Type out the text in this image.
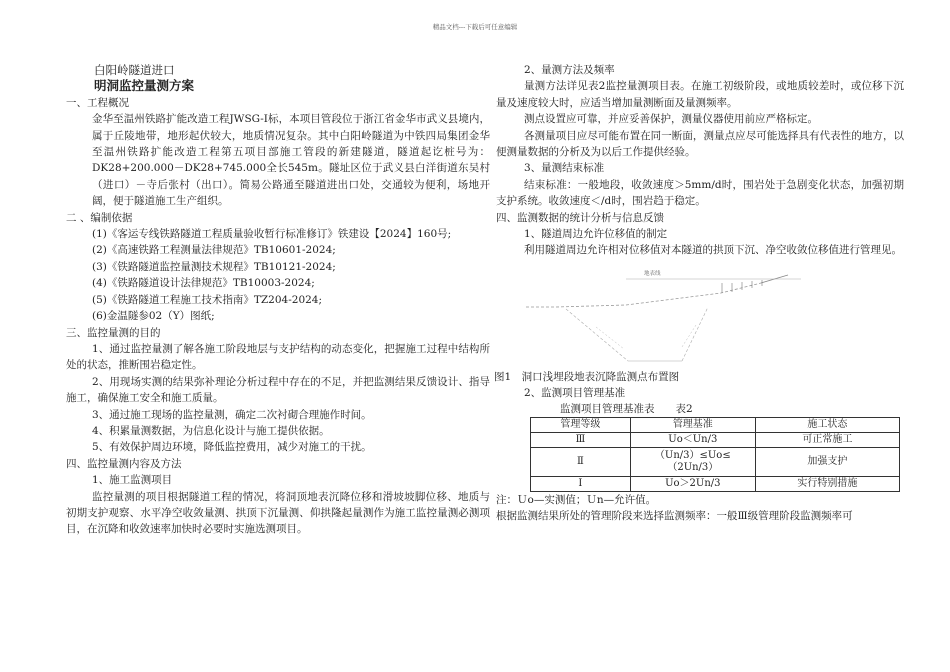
精品文档---下载后可任意编辑
白阳岭隧道进口
明洞监控量测方案
一、工程概况
金华至温州铁路扩能改造工程JWSG-I标，本项目管段位于浙江省金华市武义县境内，属于丘陵地带，地形起伏较大，地质情况复杂。其中白阳岭隧道为中铁四局集团金华至温州铁路扩能改造工程第五项目部施工管段的新建隧道，隧道起讫桩号为：DK28+200.000－DK28+745.000全长545m。隧址区位于武义县白洋街道东吴村（进口）－寺后张村（出口）。简易公路通至隧道进出口处，交通较为便利，场地开阔，便于隧道施工生产组织。
二 、编制依据
(1)《客运专线铁路隧道工程质量验收暂行标准修订》铁建设【2024】160号;
(2)《高速铁路工程测量法律规范》TB10601-2024;
(3)《铁路隧道监控量测技术规程》TB10121-2024;
(4)《铁路隧道设计法律规范》TB10003-2024;
(5)《铁路隧道工程施工技术指南》TZ204-2024;
(6)金温隧参02（Y）图纸;
三、监控量测的目的
1、通过监控量测了解各施工阶段地层与支护结构的动态变化，把握施工过程中结构所处的状态，推断围岩稳定性。
2、用现场实测的结果弥补理论分析过程中存在的不足，并把监测结果反馈设计、指导施工，确保施工安全和施工质量。
3、通过施工现场的监控量测，确定二次衬砌合理施作时间。
4、积累量测数据，为信息化设计与施工提供依据。
5、有效保护周边环境，降低监控费用，减少对施工的干扰。
四、监控量测内容及方法
1、施工监测项目
监控量测的项目根据隧道工程的情况，将洞顶地表沉降位移和滑坡坡脚位移、地质与初期支护观察、水平净空收敛量测、拱顶下沉量测、仰拱隆起量测作为施工监控量测必测项目，在沉降和收敛速率加快时必要时实施选测项目。
2、量测方法及频率
量测方法详见表2监控量测项目表。在施工初级阶段，或地质较差时，或位移下沉量及速度较大时，应适当增加量测断面及量测频率。
测点设置应可靠，并应妥善保护，测量仪器使用前应严格标定。
各测量项目应尽可能布置在同一断面，测量点应尽可能选择具有代表性的地方，以便测量数据的分析及为以后工作提供经验。
3、量测结束标准
结束标准：一般地段，收敛速度＞5mm/d时，围岩处于急剧变化状态，加强初期支护系统。收敛速度＜/d时，围岩趋于稳定。
四、监测数据的统计分析与信息反馈
1、隧道周边允许位移值的制定
利用隧道周边允许相对位移值对本隧道的拱顶下沉、净空收敛位移值进行管理见。
地表线
图1　洞口浅埋段地表沉降监测点布置图
2、监测项目管理基准
监测项目管理基准表　　表2
管理等级	管理基准	施工状态
Ⅲ	Uo＜Un/3	可正常施工
Ⅱ	（Un/3）≤Uo≤（2Un/3）	加强支护
Ⅰ	Uo＞2Un/3	实行特别措施
注：Ｕo—实测值；Ｕn—允许值。
根据监测结果所处的管理阶段来选择监测频率：一般Ⅲ级管理阶段监测频率可
